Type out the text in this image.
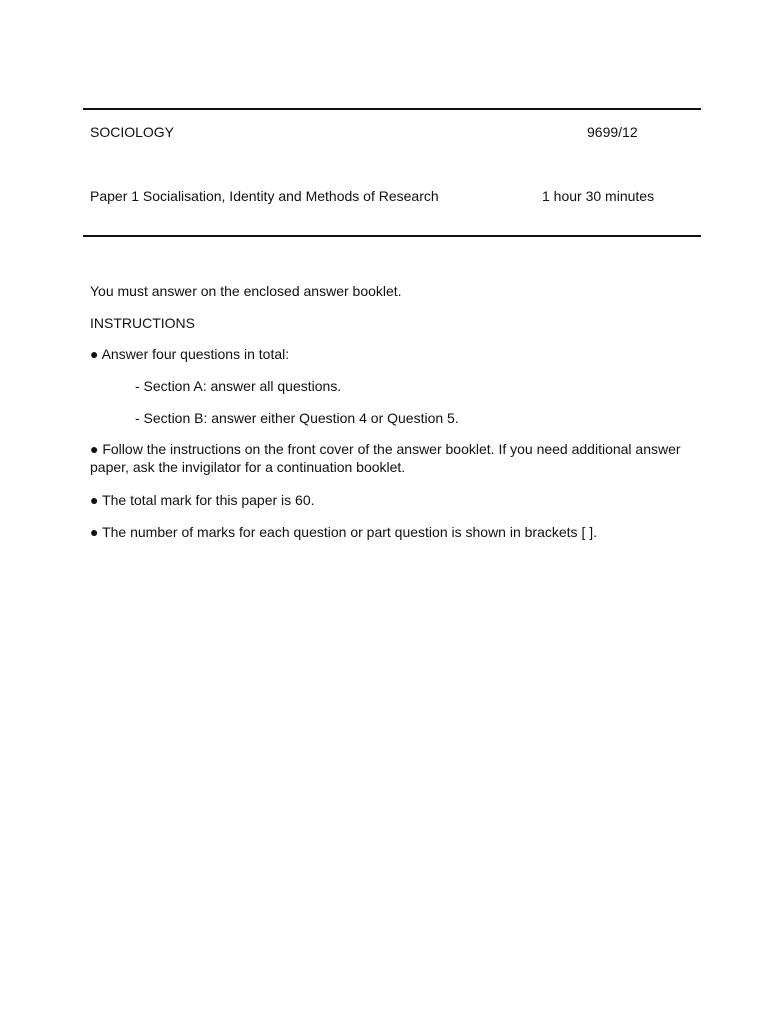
SOCIOLOGY	9699/12
Paper 1 Socialisation, Identity and Methods of Research	1 hour 30 minutes
You must answer on the enclosed answer booklet.
INSTRUCTIONS
● Answer four questions in total:
- Section A: answer all questions.
- Section B: answer either Question 4 or Question 5.
● Follow the instructions on the front cover of the answer booklet. If you need additional answer paper, ask the invigilator for a continuation booklet.
● The total mark for this paper is 60.
● The number of marks for each question or part question is shown in brackets [ ].
